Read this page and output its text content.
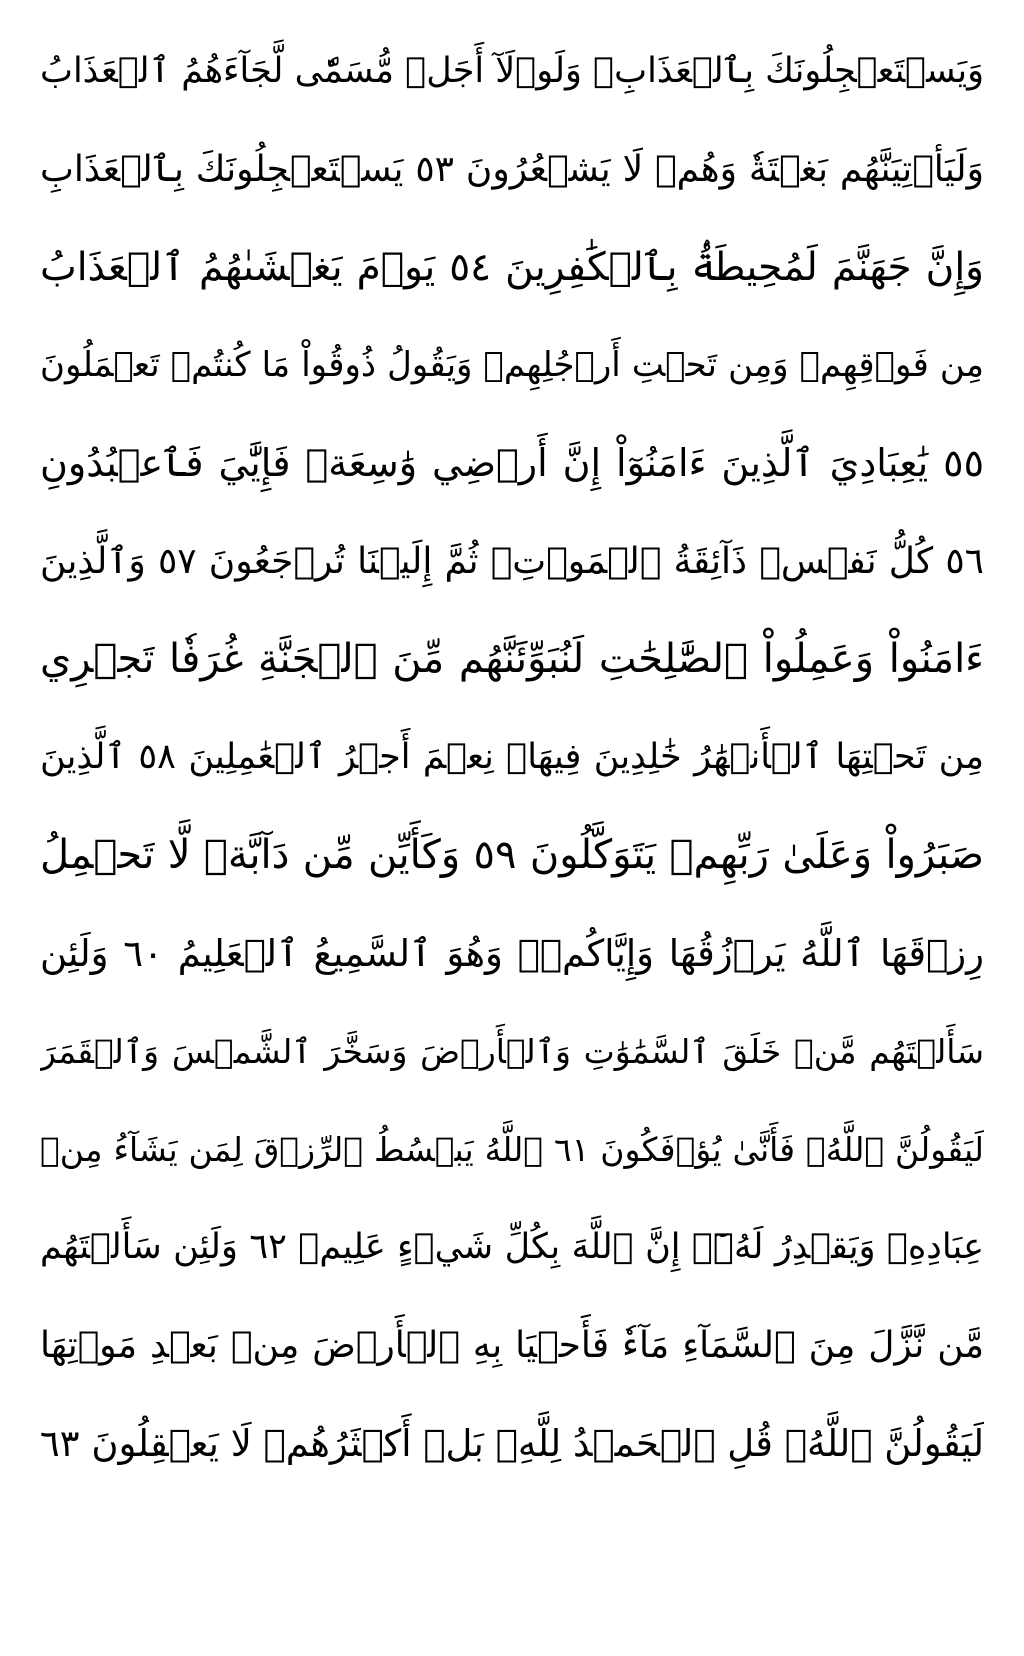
وَيَسۡتَعۡجِلُونَكَ بِٱلۡعَذَابِۚ وَلَوۡلَآ أَجَلٞ مُّسَمّٗى لَّجَآءَهُمُ ٱلۡعَذَابُ
وَلَيَأۡتِيَنَّهُم بَغۡتَةٗ وَهُمۡ لَا يَشۡعُرُونَ ٥٣ يَسۡتَعۡجِلُونَكَ بِٱلۡعَذَابِ
وَإِنَّ جَهَنَّمَ لَمُحِيطَةُۢ بِٱلۡكَٰفِرِينَ ٥٤ يَوۡمَ يَغۡشَىٰهُمُ ٱلۡعَذَابُ
مِن فَوۡقِهِمۡ وَمِن تَحۡتِ أَرۡجُلِهِمۡ وَيَقُولُ ذُوقُواْ مَا كُنتُمۡ تَعۡمَلُونَ
٥٥ يَٰعِبَادِيَ ٱلَّذِينَ ءَامَنُوٓاْ إِنَّ أَرۡضِي وَٰسِعَةٞ فَإِيَّٰيَ فَٱعۡبُدُونِ
٥٦ كُلُّ نَفۡسٖ ذَآئِقَةُ ٱلۡمَوۡتِۖ ثُمَّ إِلَيۡنَا تُرۡجَعُونَ ٥٧ وَٱلَّذِينَ
ءَامَنُواْ وَعَمِلُواْ ٱلصَّٰلِحَٰتِ لَنُبَوِّئَنَّهُم مِّنَ ٱلۡجَنَّةِ غُرَفٗا تَجۡرِي
مِن تَحۡتِهَا ٱلۡأَنۡهَٰرُ خَٰلِدِينَ فِيهَاۚ نِعۡمَ أَجۡرُ ٱلۡعَٰمِلِينَ ٥٨ ٱلَّذِينَ
صَبَرُواْ وَعَلَىٰ رَبِّهِمۡ يَتَوَكَّلُونَ ٥٩ وَكَأَيِّن مِّن دَآبَّةٖ لَّا تَحۡمِلُ
رِزۡقَهَا ٱللَّهُ يَرۡزُقُهَا وَإِيَّاكُمۡۚ وَهُوَ ٱلسَّمِيعُ ٱلۡعَلِيمُ ٦٠ وَلَئِن
سَأَلۡتَهُم مَّنۡ خَلَقَ ٱلسَّمَٰوَٰتِ وَٱلۡأَرۡضَ وَسَخَّرَ ٱلشَّمۡسَ وَٱلۡقَمَرَ
لَيَقُولُنَّ ٱللَّهُۖ فَأَنَّىٰ يُؤۡفَكُونَ ٦١ ٱللَّهُ يَبۡسُطُ ٱلرِّزۡقَ لِمَن يَشَآءُ مِنۡ
عِبَادِهِۦ وَيَقۡدِرُ لَهُۥٓۚ إِنَّ ٱللَّهَ بِكُلِّ شَيۡءٍ عَلِيمٞ ٦٢ وَلَئِن سَأَلۡتَهُم
مَّن نَّزَّلَ مِنَ ٱلسَّمَآءِ مَآءٗ فَأَحۡيَا بِهِ ٱلۡأَرۡضَ مِنۢ بَعۡدِ مَوۡتِهَا
لَيَقُولُنَّ ٱللَّهُۚ قُلِ ٱلۡحَمۡدُ لِلَّهِۚ بَلۡ أَكۡثَرُهُمۡ لَا يَعۡقِلُونَ ٦٣
